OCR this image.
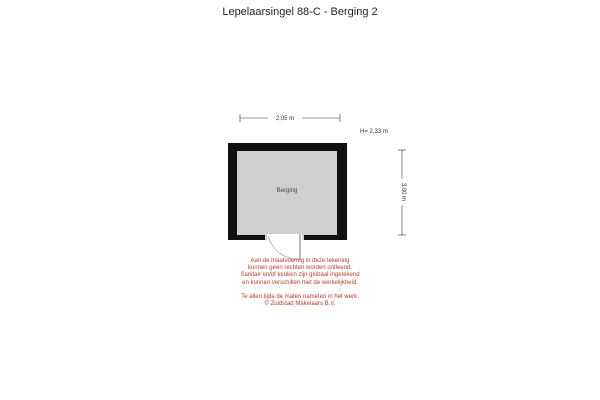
Lepelaarsingel 88-C - Berging 2
2,05 m
H= 2,33 m
Berging	3,00 m
Aan de maatvoering in deze tekening
kunnen geen rechten worden ontleend.
Sanitair en/of keuken zijn globaal ingetekend
en kunnen verschillen met de werkelijkheid.
Te allen tijde de maten nameten in het werk.
© Zuidstad Makelaars B.V.
